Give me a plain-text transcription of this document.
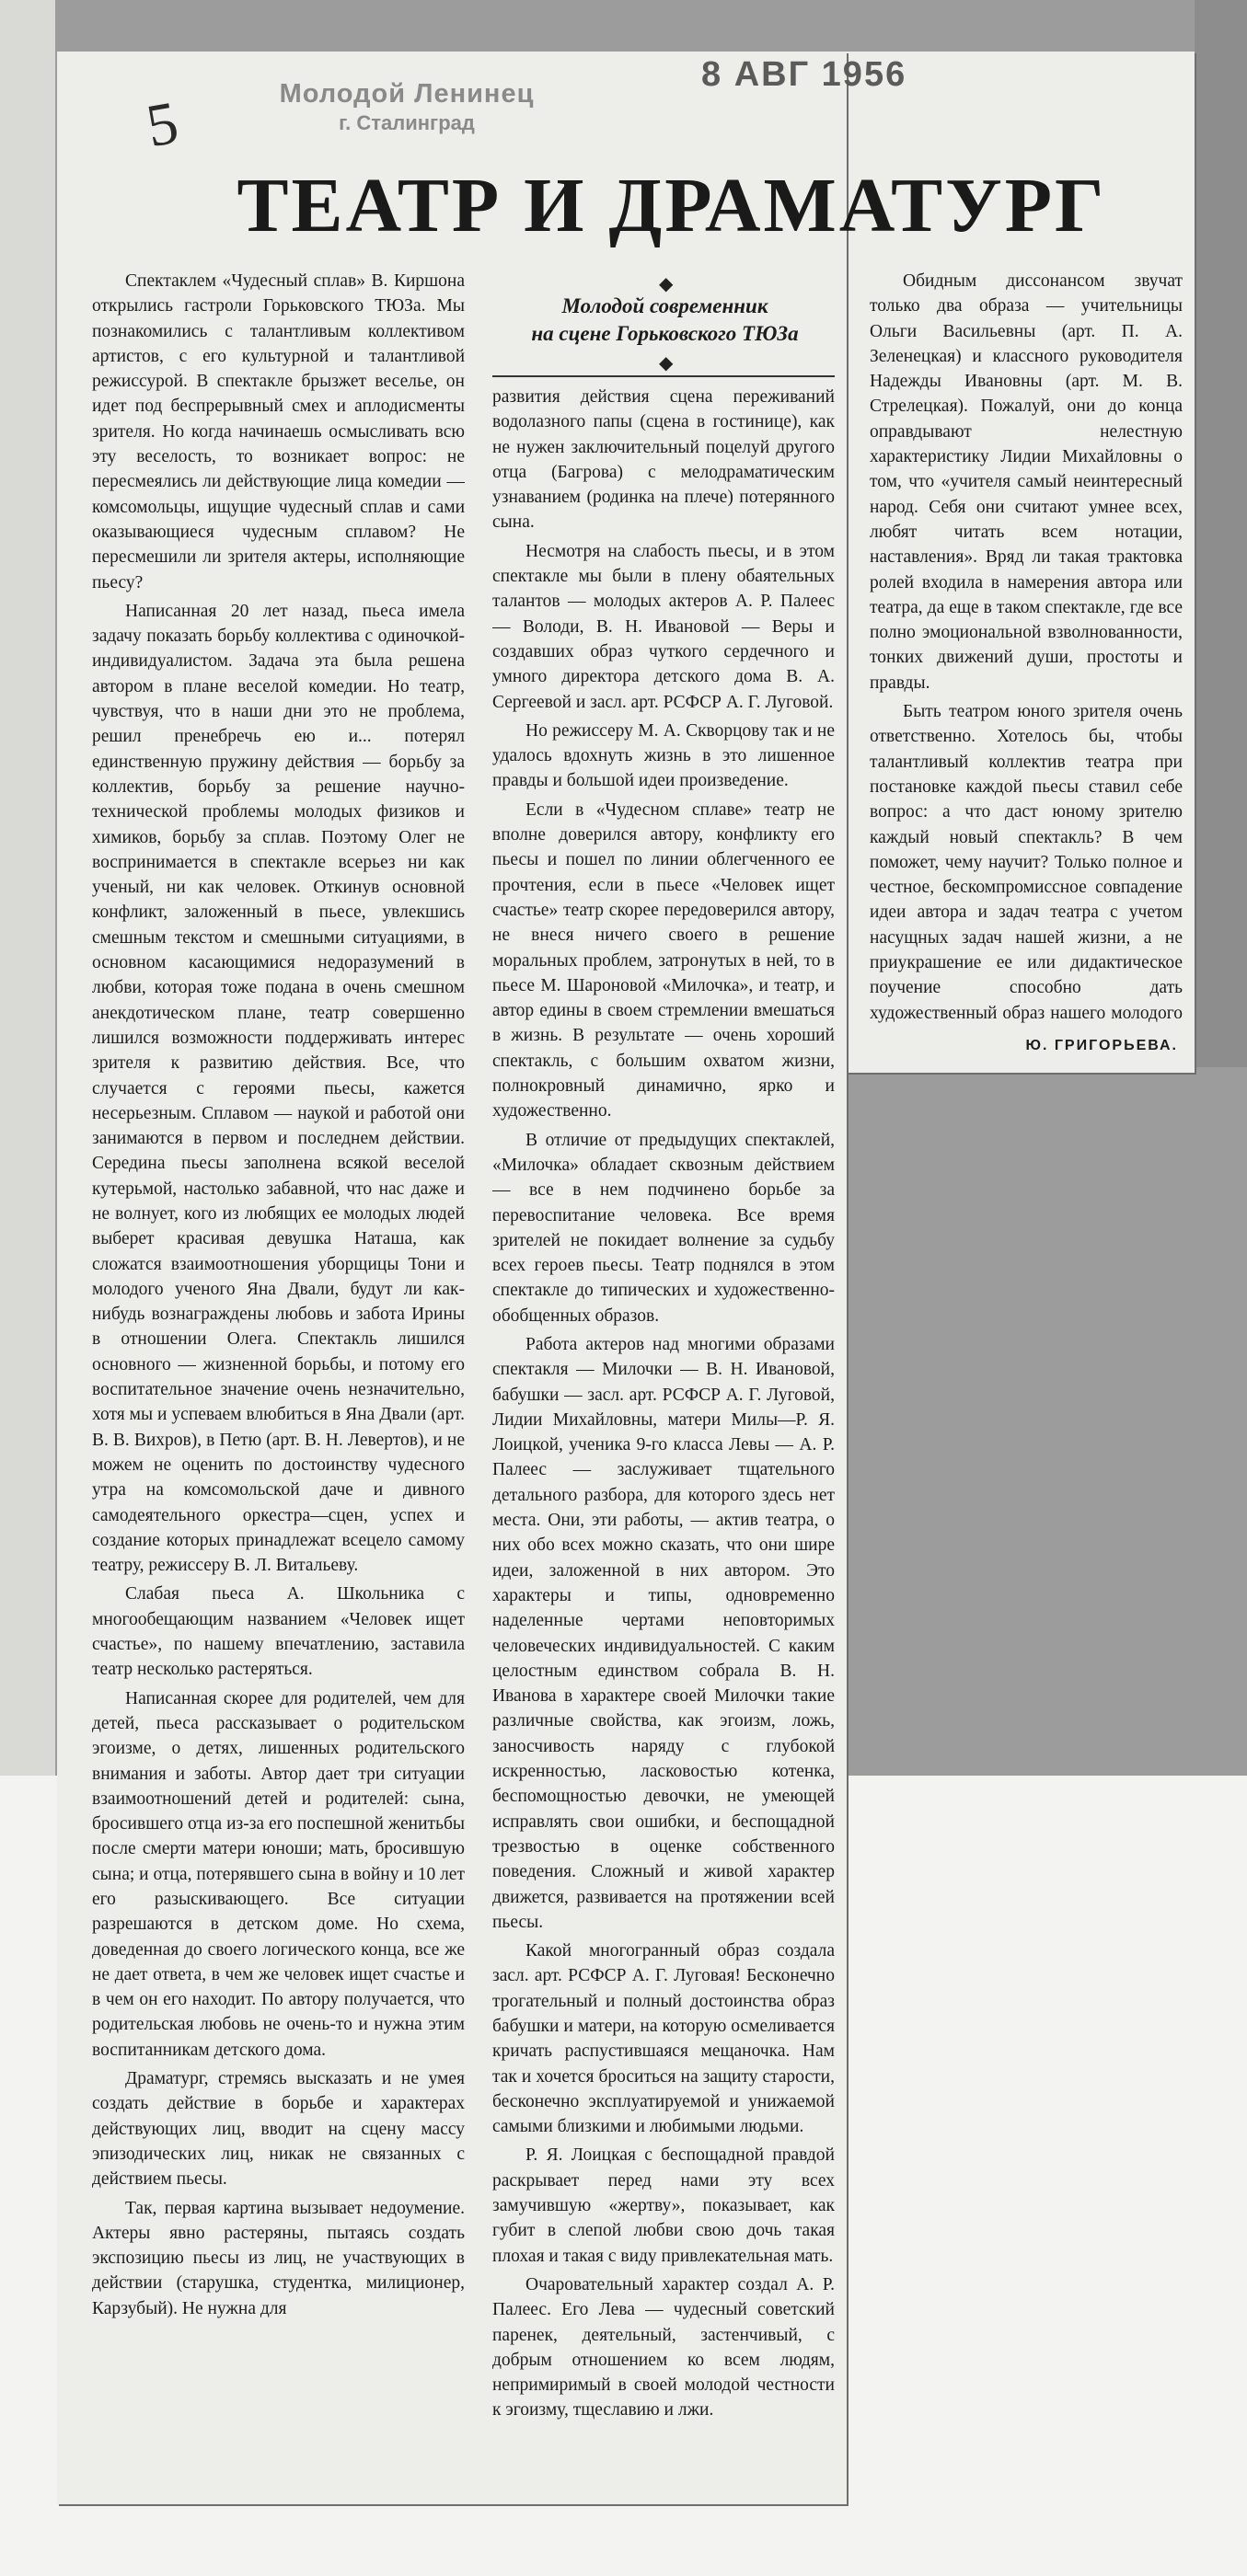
5	Молодой Ленинец
г. Сталинград
8 АВГ 1956
ТЕАТР И ДРАМАТУРГ
◆
Молодой современник
на сцене Горьковского ТЮЗа
◆

Спектаклем «Чудесный сплав» В. Киршона открылись гастроли Горьковского ТЮЗа. Мы познакомились с талантливым коллективом артистов, с его культурной и талантливой режиссурой. В спектакле брызжет веселье, он идет под беспрерывный смех и аплодисменты зрителя. Но когда начинаешь осмысливать всю эту веселость, то возникает вопрос: не пересмеялись ли действующие лица комедии — комсомольцы, ищущие чудесный сплав и сами оказывающиеся чудесным сплавом? Не пересмешили ли зрителя актеры, исполняющие пьесу?

Написанная 20 лет назад, пьеса имела задачу показать борьбу коллектива с одиночкой-индивидуалистом. Задача эта была решена автором в плане веселой комедии. Но театр, чувствуя, что в наши дни это не проблема, решил пренебречь ею и... потерял единственную пружину действия — борьбу за коллектив, борьбу за решение научно-технической проблемы молодых физиков и химиков, борьбу за сплав. Поэтому Олег не воспринимается в спектакле всерьез ни как ученый, ни как человек. Откинув основной конфликт, заложенный в пьесе, увлекшись смешным текстом и смешными ситуациями, в основном касающимися недоразумений в любви, которая тоже подана в очень смешном анекдотическом плане, театр совершенно лишился возможности поддерживать интерес зрителя к развитию действия. Все, что случается с героями пьесы, кажется несерьезным. Сплавом — наукой и работой они занимаются в первом и последнем действии. Середина пьесы заполнена всякой веселой кутерьмой, настолько забавной, что нас даже и не волнует, кого из любящих ее молодых людей выберет красивая девушка Наташа, как сложатся взаимоотношения уборщицы Тони и молодого ученого Яна Двали, будут ли как-нибудь вознаграждены любовь и забота Ирины в отношении Олега. Спектакль лишился основного — жизненной борьбы, и потому его воспитательное значение очень незначительно, хотя мы и успеваем влюбиться в Яна Двали (арт. В. В. Вихров), в Петю (арт. В. Н. Левертов), и не можем не оценить по достоинству чудесного утра на комсомольской даче и дивного самодеятельного оркестра—сцен, успех и создание которых принадлежат всецело самому театру, режиссеру В. Л. Витальеву.

Слабая пьеса А. Школьника с многообещающим названием «Человек ищет счастье», по нашему впечатлению, заставила театр несколько растеряться.

Написанная скорее для родителей, чем для детей, пьеса рассказывает о родительском эгоизме, о детях, лишенных родительского внимания и заботы. Автор дает три ситуации взаимоотношений детей и родителей: сына, бросившего отца из-за его поспешной женитьбы после смерти матери юноши; мать, бросившую сына; и отца, потерявшего сына в войну и 10 лет его разыскивающего. Все ситуации разрешаются в детском доме. Но схема, доведенная до своего логического конца, все же не дает ответа, в чем же человек ищет счастье и в чем он его находит. По автору получается, что родительская любовь не очень-то и нужна этим воспитанникам детского дома.

Драматург, стремясь высказать и не умея создать действие в борьбе и характерах действующих лиц, вводит на сцену массу эпизодических лиц, никак не связанных с действием пьесы.

Так, первая картина вызывает недоумение. Актеры явно растеряны, пытаясь создать экспозицию пьесы из лиц, не участвующих в действии (старушка, студентка, милиционер, Карзубый). Не нужна для

развития действия сцена переживаний водолазного папы (сцена в гостинице), как не нужен заключительный поцелуй другого отца (Багрова) с мелодраматическим узнаванием (родинка на плече) потерянного сына.

Несмотря на слабость пьесы, и в этом спектакле мы были в плену обаятельных талантов — молодых актеров А. Р. Палеес — Володи, В. Н. Ивановой — Веры и создавших образ чуткого сердечного и умного директора детского дома В. А. Сергеевой и засл. арт. РСФСР А. Г. Луговой.

Но режиссеру М. А. Скворцову так и не удалось вдохнуть жизнь в это лишенное правды и большой идеи произведение.

Если в «Чудесном сплаве» театр не вполне доверился автору, конфликту его пьесы и пошел по линии облегченного ее прочтения, если в пьесе «Человек ищет счастье» театр скорее передоверился автору, не внеся ничего своего в решение моральных проблем, затронутых в ней, то в пьесе М. Шароновой «Милочка», и театр, и автор едины в своем стремлении вмешаться в жизнь. В результате — очень хороший спектакль, с большим охватом жизни, полнокровный динамично, ярко и художественно.

В отличие от предыдущих спектаклей, «Милочка» обладает сквозным действием — все в нем подчинено борьбе за перевоспитание человека. Все время зрителей не покидает волнение за судьбу всех героев пьесы. Театр поднялся в этом спектакле до типических и художественно-обобщенных образов.

Работа актеров над многими образами спектакля — Милочки — В. Н. Ивановой, бабушки — засл. арт. РСФСР А. Г. Луговой, Лидии Михайловны, матери Милы—Р. Я. Лоицкой, ученика 9-го класса Левы — А. Р. Палеес — заслуживает тщательного детального разбора, для которого здесь нет места. Они, эти работы, — актив театра, о них обо всех можно сказать, что они шире идеи, заложенной в них автором. Это характеры и типы, одновременно наделенные чертами неповторимых человеческих индивидуальностей. С каким целостным единством собрала В. Н. Иванова в характере своей Милочки такие различные свойства, как эгоизм, ложь, заносчивость наряду с глубокой искренностью, ласковостью котенка, беспомощностью девочки, не умеющей исправлять свои ошибки, и беспощадной трезвостью в оценке собственного поведения. Сложный и живой характер движется, развивается на протяжении всей пьесы.

Какой многогранный образ создала засл. арт. РСФСР А. Г. Луговая! Бесконечно трогательный и полный достоинства образ бабушки и матери, на которую осмеливается кричать распустившаяся мещаночка. Нам так и хочется броситься на защиту старости, бесконечно эксплуатируемой и унижаемой самыми близкими и любимыми людьми.

Р. Я. Лоицкая с беспощадной правдой раскрывает перед нами эту всех замучившую «жертву», показывает, как губит в слепой любви свою дочь такая плохая и такая с виду привлекательная мать.

Очаровательный характер создал А. Р. Палеес. Его Лева — чудесный советский паренек, деятельный, застенчивый, с добрым отношением ко всем людям, непримиримый в своей молодой честности к эгоизму, тщеславию и лжи.

Обидным диссонансом звучат только два образа — учительницы Ольги Васильевны (арт. П. А. Зеленецкая) и классного руководителя Надежды Ивановны (арт. М. В. Стрелецкая). Пожалуй, они до конца оправдывают нелестную характеристику Лидии Михайловны о том, что «учителя самый неинтересный народ. Себя они считают умнее всех, любят читать всем нотации, наставления». Вряд ли такая трактовка ролей входила в намерения автора или театра, да еще в таком спектакле, где все полно эмоциональной взволнованности, тонких движений души, простоты и правды.

Быть театром юного зрителя очень ответственно. Хотелось бы, чтобы талантливый коллектив театра при постановке каждой пьесы ставил себе вопрос: а что даст юному зрителю каждый новый спектакль? В чем поможет, чему научит? Только полное и честное, бескомпромиссное совпадение идеи автора и задач театра с учетом насущных задач нашей жизни, а не приукрашение ее или дидактическое поучение способно дать художественный образ нашего молодого

Ю. ГРИГОРЬЕВА.
